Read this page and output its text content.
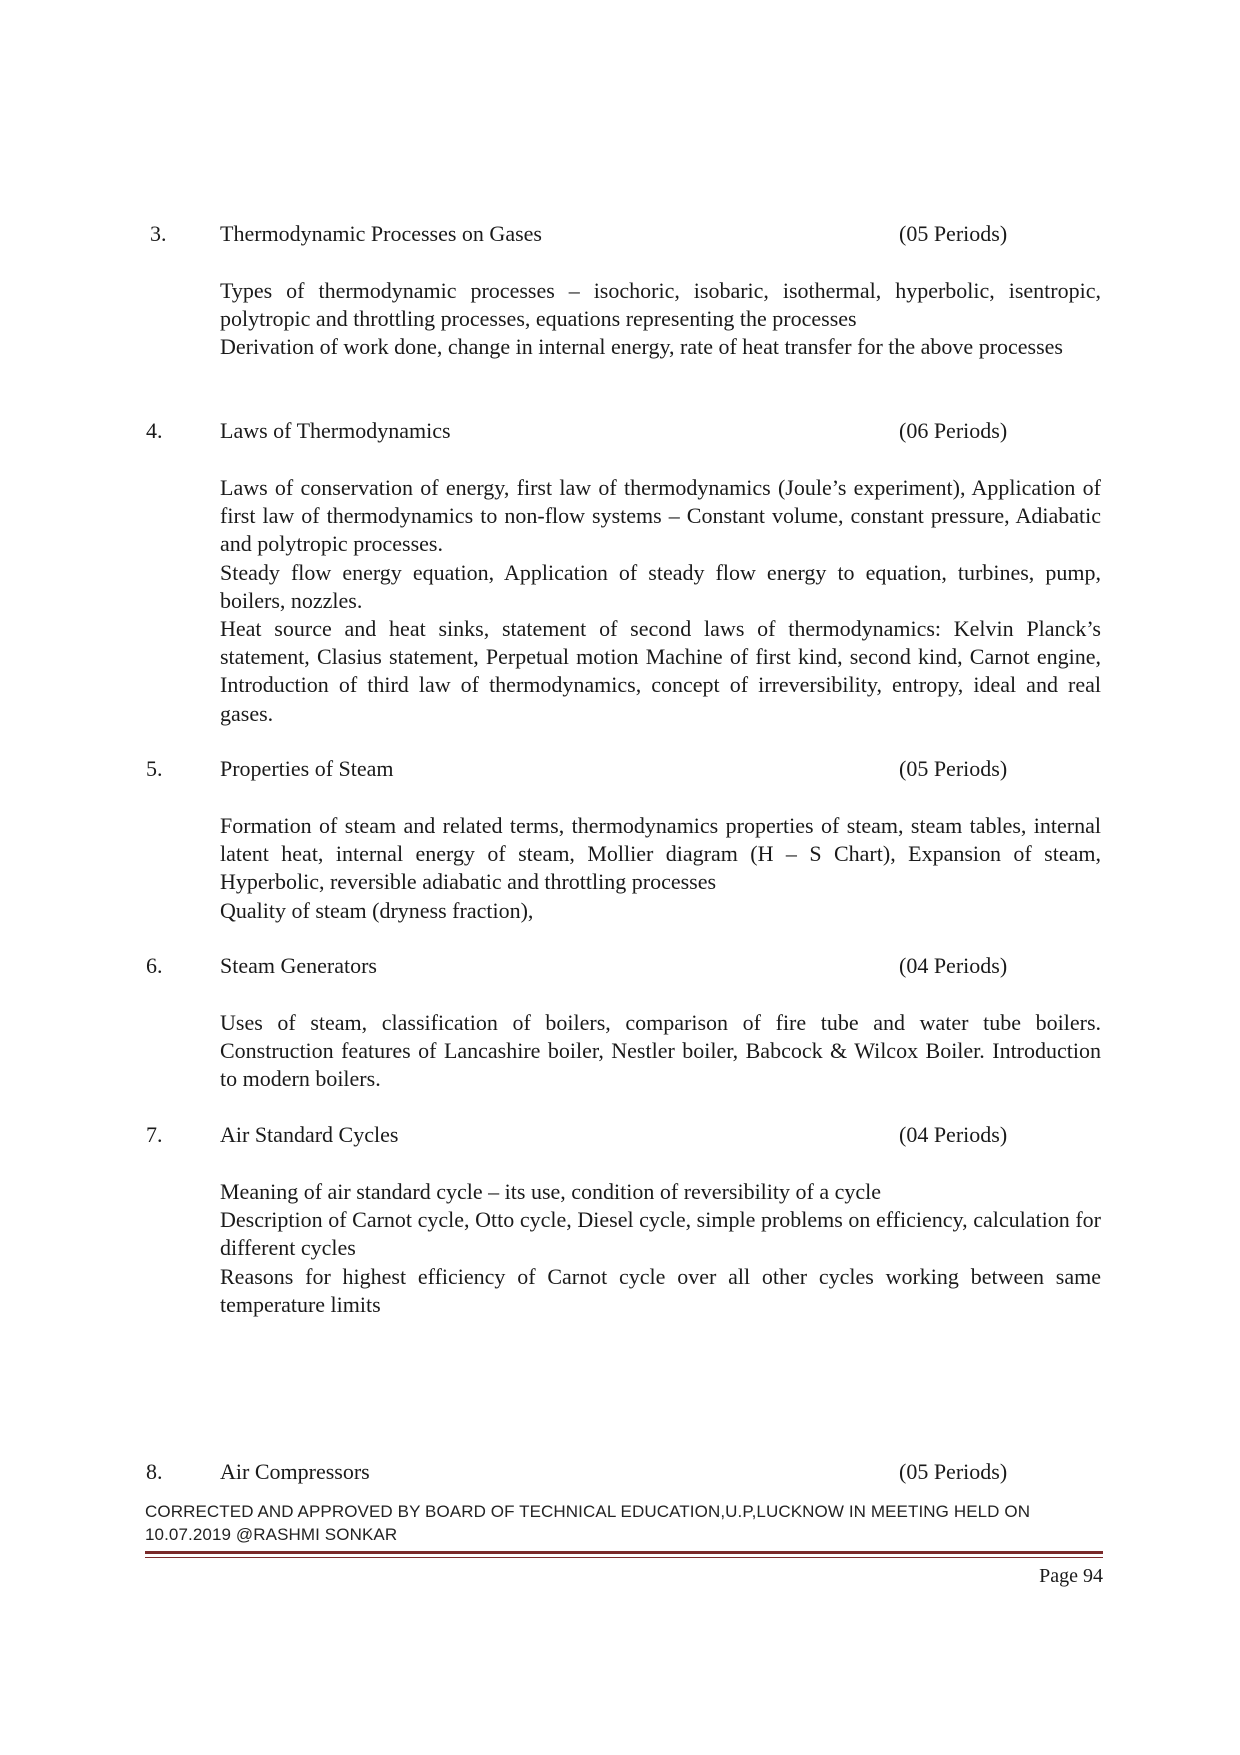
3. Thermodynamic Processes on Gases	(05 Periods)

Types of thermodynamic processes – isochoric, isobaric, isothermal, hyperbolic, isentropic, polytropic and throttling processes, equations representing the processes

Derivation of work done, change in internal energy, rate of heat transfer for the above processes

4.	Laws of Thermodynamics	(06 Periods)

Laws of conservation of energy, first law of thermodynamics (Joule’s experiment), Application of first law of thermodynamics to non-flow systems – Constant volume, constant pressure, Adiabatic and polytropic processes.

Steady flow energy equation, Application of steady flow energy to equation, turbines, pump, boilers, nozzles.

Heat source and heat sinks, statement of second laws of thermodynamics: Kelvin Planck’s statement, Clasius statement, Perpetual motion Machine of first kind, second kind, Carnot engine, Introduction of third law of thermodynamics, concept of irreversibility, entropy, ideal and real gases.

5.	Properties of Steam	(05 Periods)

Formation of steam and related terms, thermodynamics properties of steam, steam tables, internal latent heat, internal energy of steam, Mollier diagram (H – S Chart), Expansion of steam, Hyperbolic, reversible adiabatic and throttling processes

Quality of steam (dryness fraction),

6.	Steam Generators	(04 Periods)

Uses of steam, classification of boilers, comparison of fire tube and water tube boilers. Construction features of Lancashire boiler, Nestler boiler, Babcock & Wilcox Boiler. Introduction to modern boilers.

7.	Air Standard Cycles	(04 Periods)

Meaning of air standard cycle – its use, condition of reversibility of a cycle

Description of Carnot cycle, Otto cycle, Diesel cycle, simple problems on efficiency, calculation for different cycles

Reasons for highest efficiency of Carnot cycle over all other cycles working between same temperature limits

8.	Air Compressors	(05 Periods)
CORRECTED AND APPROVED BY BOARD OF TECHNICAL EDUCATION,U.P,LUCKNOW IN MEETING HELD ON
10.07.2019 @RASHMI SONKAR
Page 94
